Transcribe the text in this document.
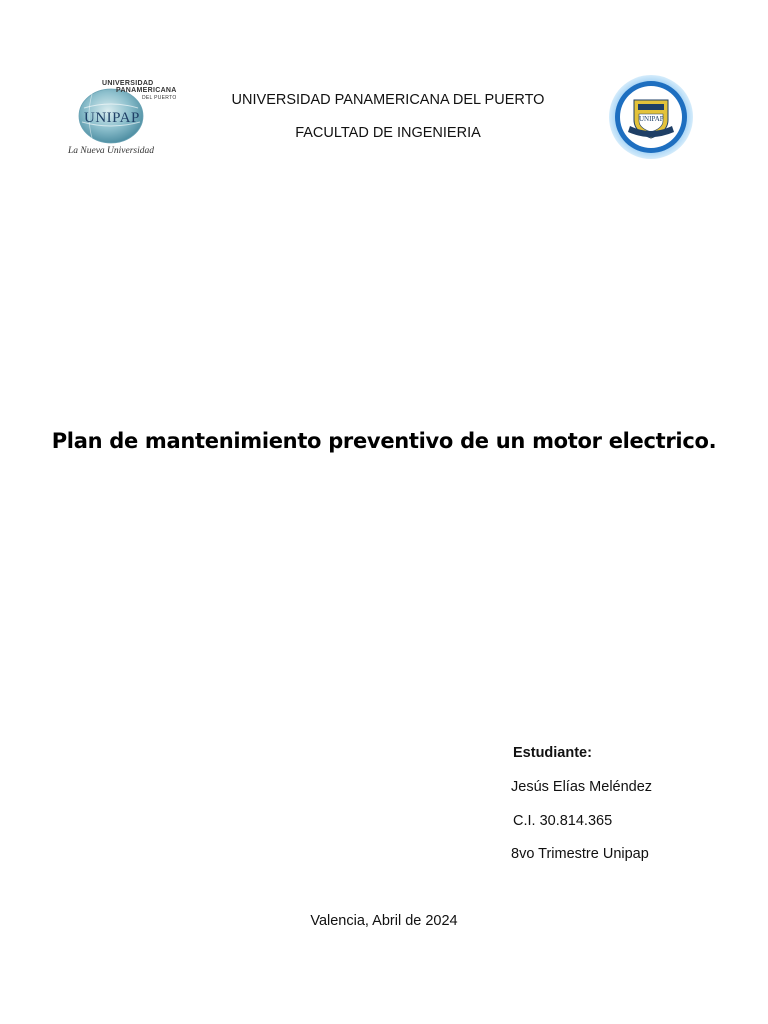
UNIVERSIDAD
PANAMERICANA
DEL PUERTO
UNIPAP
La Nueva Universidad
UNIVERSIDAD PANAMERICANA DEL PUERTO
FACULTAD DE INGENIERIA
UNIPAP
Plan de mantenimiento preventivo de un motor electrico.
Estudiante:
Jesús Elías Meléndez
C.I. 30.814.365
8vo Trimestre Unipap
Valencia, Abril de 2024
